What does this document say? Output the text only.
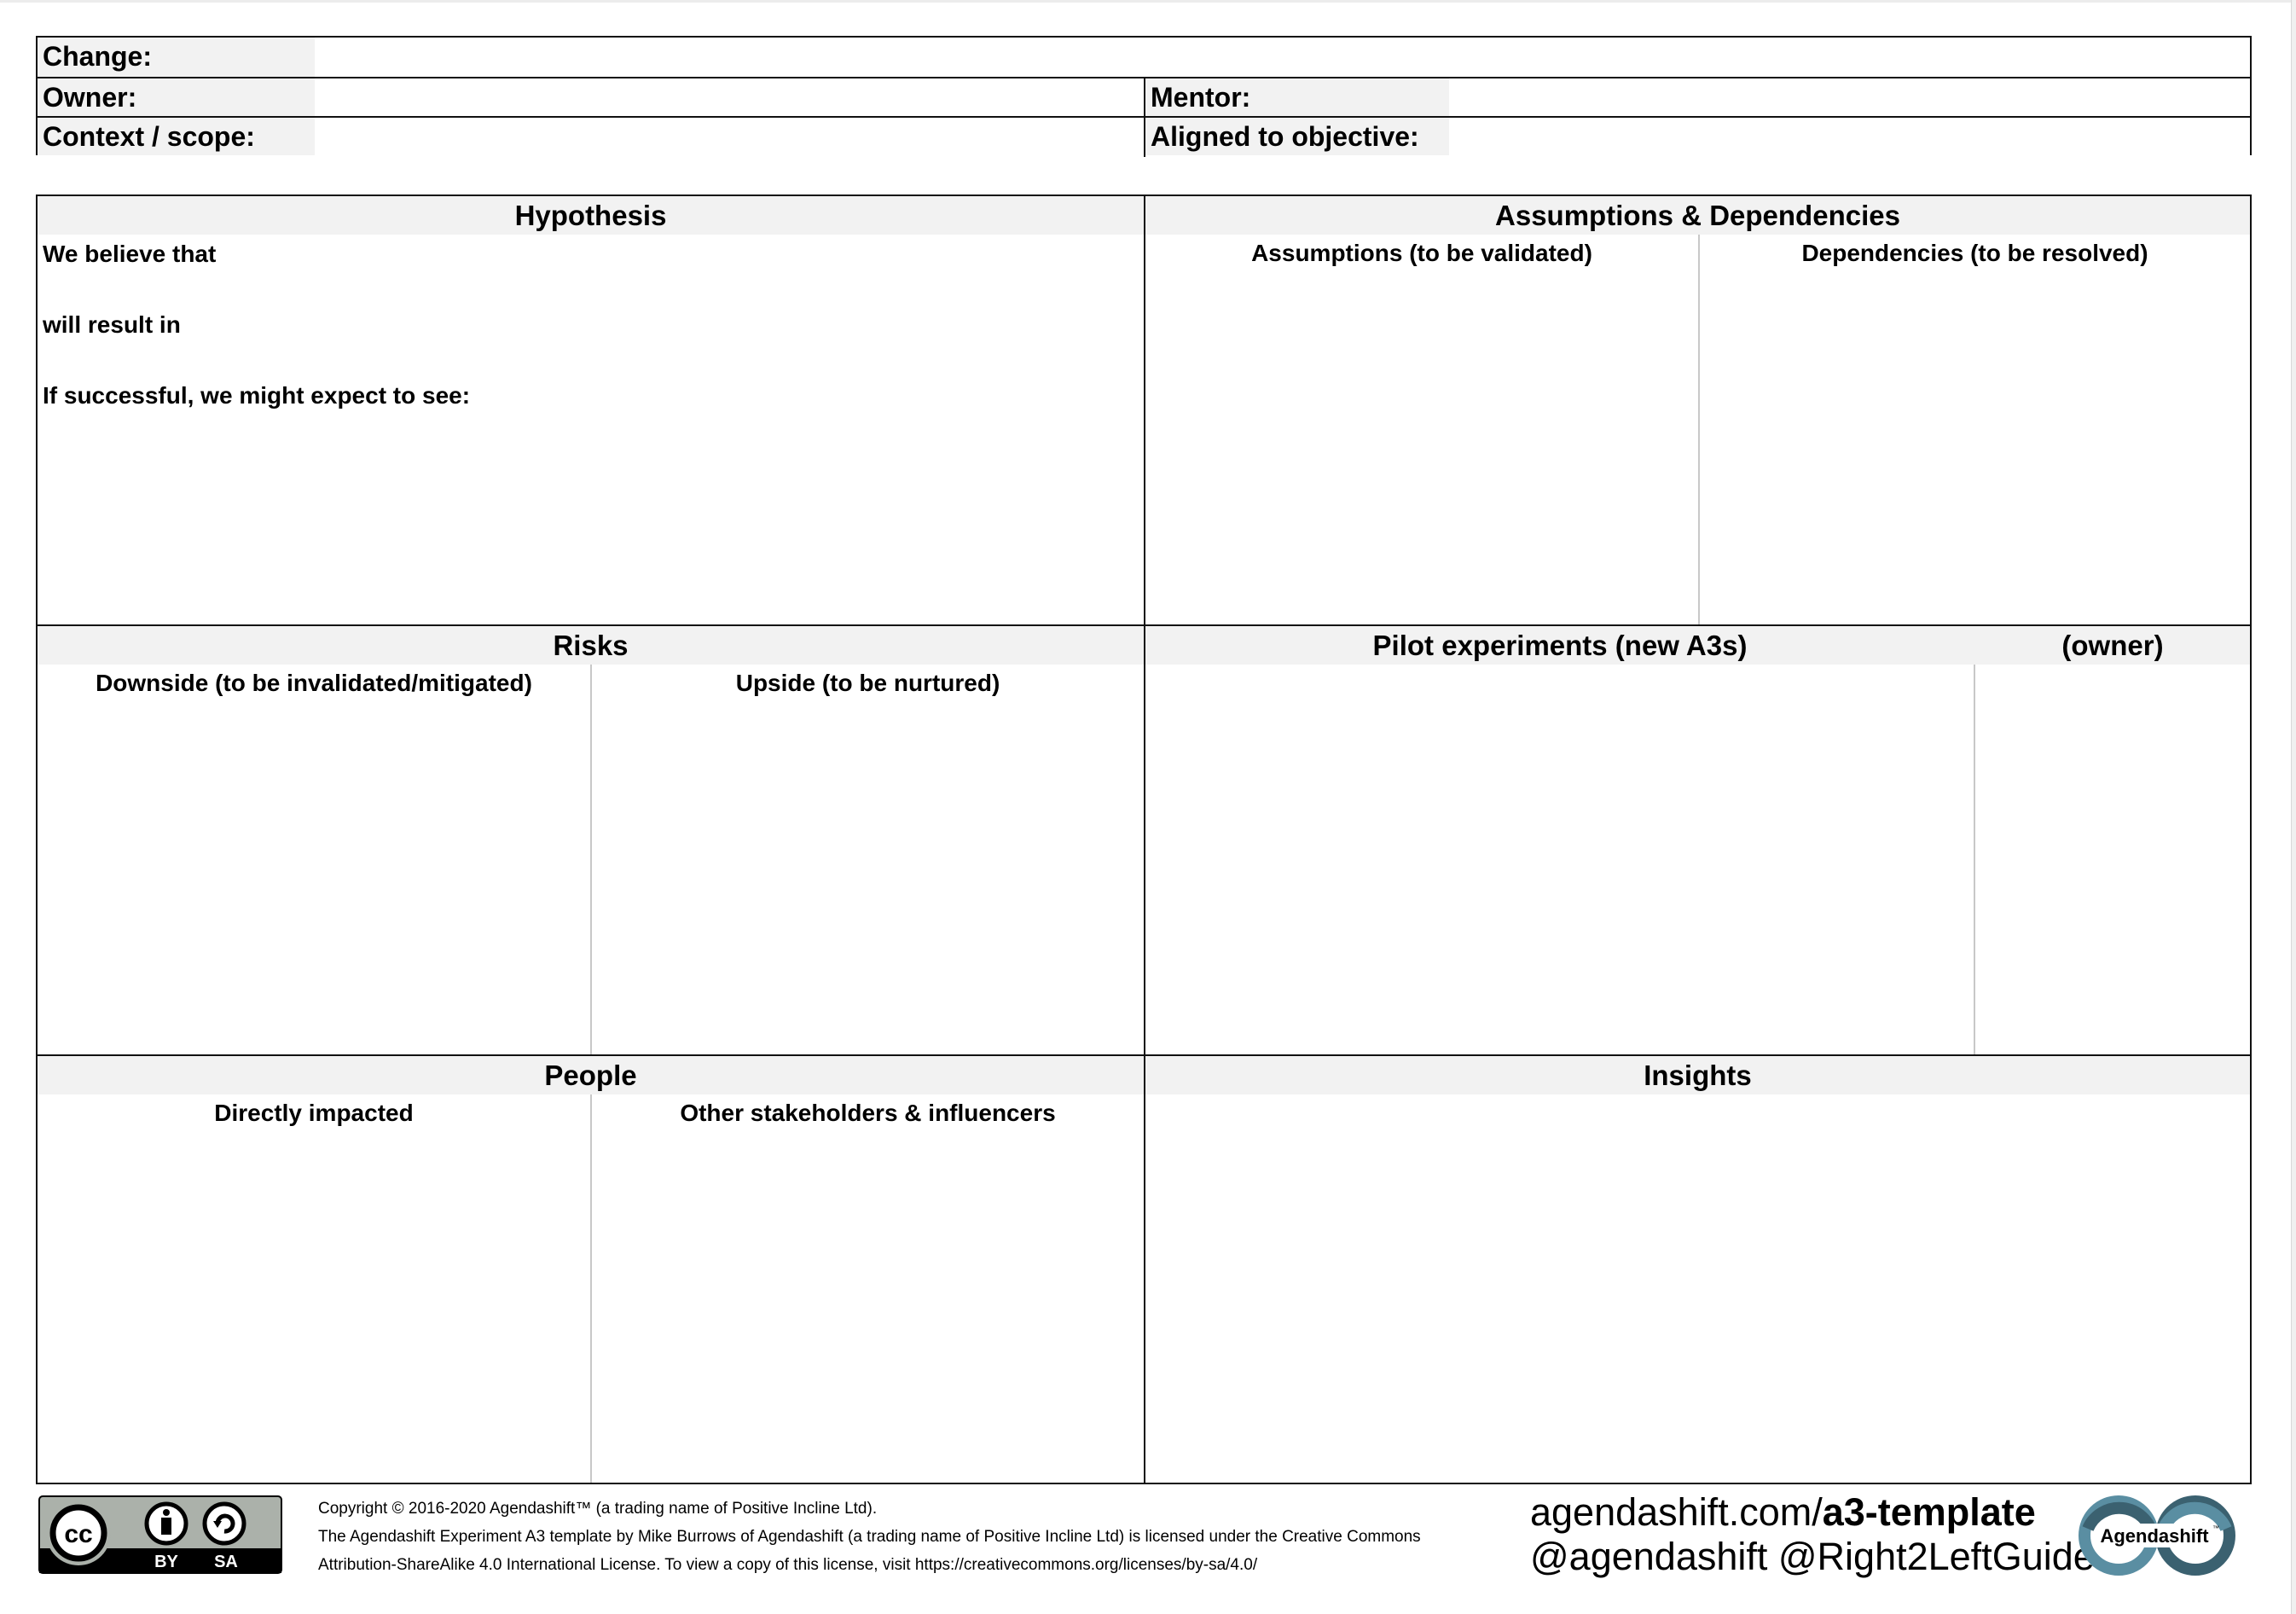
Change:
Owner:	Mentor:
Context / scope:	Aligned to objective:
Hypothesis
We believe that
will result in
If successful, we might expect to see:
Assumptions & Dependencies
Assumptions (to be validated)	Dependencies (to be resolved)
Risks
Downside (to be invalidated/mitigated)	Upside (to be nurtured)
Pilot experiments (new A3s)	(owner)
People
Directly impacted	Other stakeholders & influencers
Insights
cc
BY SA
Copyright © 2016-2020 Agendashift™ (a trading name of Positive Incline Ltd).
The Agendashift Experiment A3 template by Mike Burrows of Agendashift (a trading name of Positive Incline Ltd) is licensed under the Creative Commons
Attribution-ShareAlike 4.0 International License. To view a copy of this license, visit https://creativecommons.org/licenses/by-sa/4.0/
agendashift.com/a3-template
@agendashift @Right2LeftGuide Agendashift ™
